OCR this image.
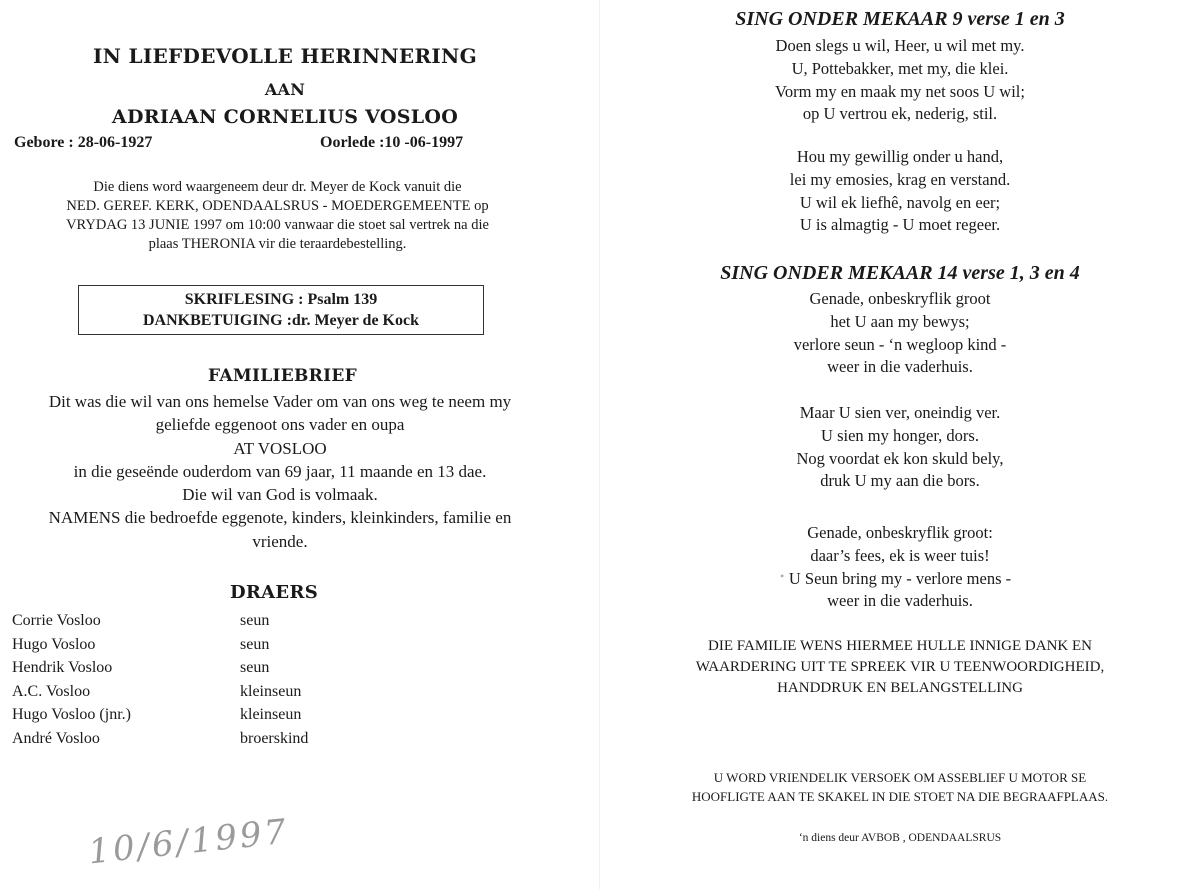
IN LIEFDEVOLLE HERINNERING
AAN
ADRIAAN CORNELIUS VOSLOO
Gebore : 28-06-1927	Oorlede :10 -06-1997
Die diens word waargeneem deur dr. Meyer de Kock vanuit die
NED. GEREF. KERK, ODENDAALSRUS - MOEDERGEMEENTE op
VRYDAG 13 JUNIE 1997 om 10:00 vanwaar die stoet sal vertrek na die
plaas THERONIA vir die teraardebestelling.
SKRIFLESING : Psalm 139
DANKBETUIGING :dr. Meyer de Kock
FAMILIEBRIEF
Dit was die wil van ons hemelse Vader om van ons weg te neem my
geliefde eggenoot ons vader en oupa
AT VOSLOO
in die geseënde ouderdom van 69 jaar, 11 maande en 13 dae.
Die wil van God is volmaak.
NAMENS die bedroefde eggenote, kinders, kleinkinders, familie en
vriende.
DRAERS
Corrie Vosloo	seun
Hugo Vosloo	seun
Hendrik Vosloo	seun
A.C. Vosloo	kleinseun
Hugo Vosloo (jnr.)	kleinseun
André Vosloo	broerskind
10/6/1997
SING ONDER MEKAAR 9 verse 1 en 3
Doen slegs u wil, Heer, u wil met my.
U, Pottebakker, met my, die klei.
Vorm my en maak my net soos U wil;
op U vertrou ek, nederig, stil.
Hou my gewillig onder u hand,
lei my emosies, krag en verstand.
U wil ek liefhê, navolg en eer;
U is almagtig - U moet regeer.
SING ONDER MEKAAR 14 verse 1, 3 en 4
Genade, onbeskryflik groot
het U aan my bewys;
verlore seun - ‘n wegloop kind -
weer in die vaderhuis.
Maar U sien ver, oneindig ver.
U sien my honger, dors.
Nog voordat ek kon skuld bely,
druk U my aan die bors.
Genade, onbeskryflik groot:
daar’s fees, ek is weer tuis!
U Seun bring my - verlore mens -
weer in die vaderhuis.
DIE FAMILIE WENS HIERMEE HULLE INNIGE DANK EN
WAARDERING UIT TE SPREEK VIR U TEENWOORDIGHEID,
HANDDRUK EN BELANGSTELLING
U WORD VRIENDELIK VERSOEK OM ASSEBLIEF U MOTOR SE
HOOFLIGTE AAN TE SKAKEL IN DIE STOET NA DIE BEGRAAFPLAAS.
‘n diens deur AVBOB , ODENDAALSRUS
•
